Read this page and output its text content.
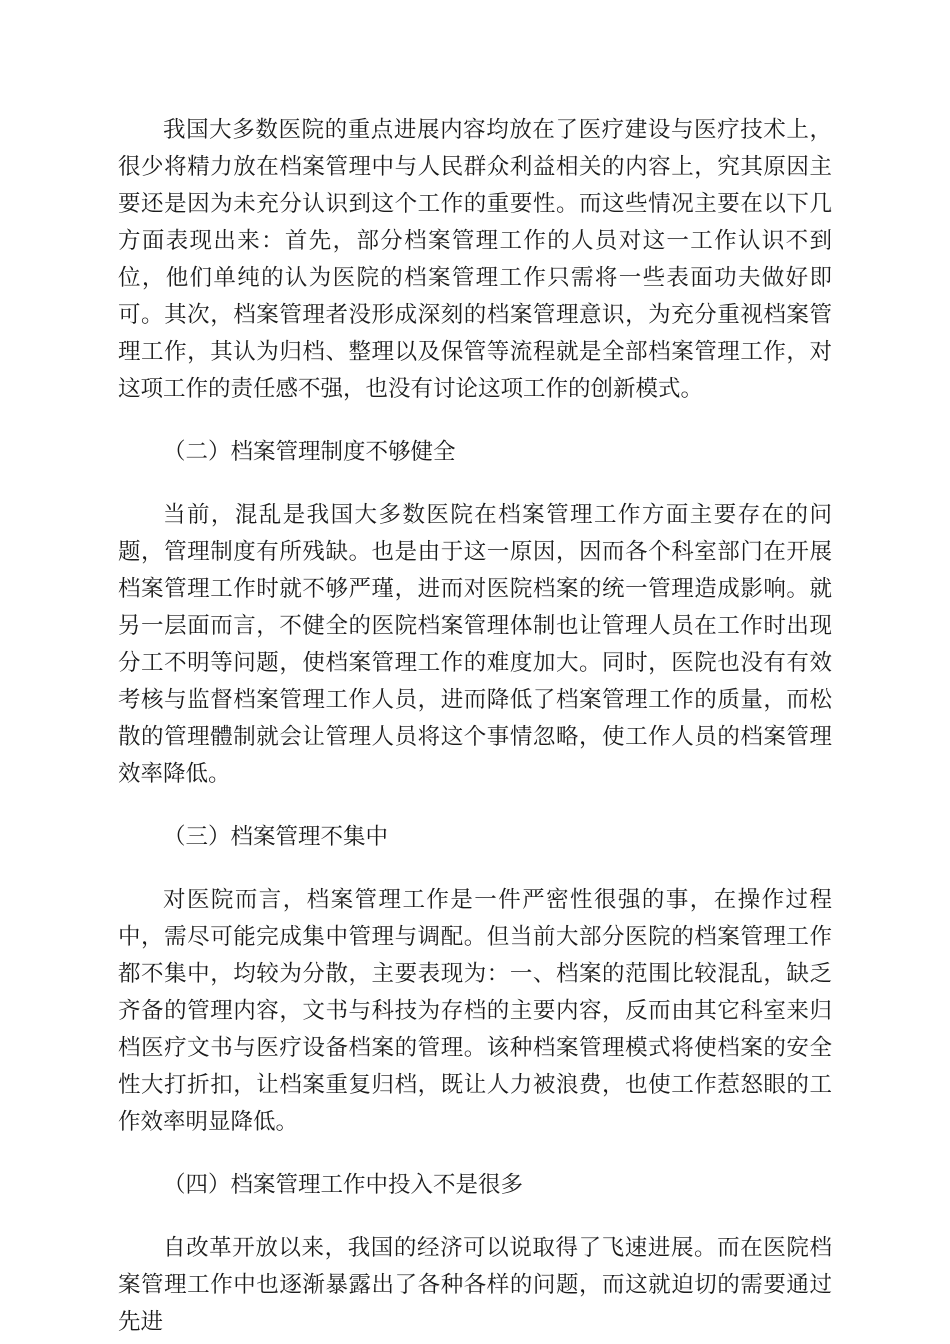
我国大多数医院的重点进展内容均放在了医疗建设与医疗技术上，很少将精力放在档案管理中与人民群众利益相关的内容上，究其原因主要还是因为未充分认识到这个工作的重要性。而这些情况主要在以下几方面表现出来：首先，部分档案管理工作的人员对这一工作认识不到位，他们单纯的认为医院的档案管理工作只需将一些表面功夫做好即可。其次，档案管理者没形成深刻的档案管理意识，为充分重视档案管理工作，其认为归档、整理以及保管等流程就是全部档案管理工作，对这项工作的责任感不强，也没有讨论这项工作的创新模式。

（二）档案管理制度不够健全

当前，混乱是我国大多数医院在档案管理工作方面主要存在的问题，管理制度有所残缺。也是由于这一原因，因而各个科室部门在开展档案管理工作时就不够严瑾，进而对医院档案的统一管理造成影响。就另一层面而言，不健全的医院档案管理体制也让管理人员在工作时出现分工不明等问题，使档案管理工作的难度加大。同时，医院也没有有效考核与监督档案管理工作人员，进而降低了档案管理工作的质量，而松散的管理體制就会让管理人员将这个事情忽略，使工作人员的档案管理效率降低。

（三）档案管理不集中

对医院而言，档案管理工作是一件严密性很强的事，在操作过程中，需尽可能完成集中管理与调配。但当前大部分医院的档案管理工作都不集中，均较为分散，主要表现为：一、档案的范围比较混乱，缺乏齐备的管理内容，文书与科技为存档的主要内容，反而由其它科室来归档医疗文书与医疗设备档案的管理。该种档案管理模式将使档案的安全性大打折扣，让档案重复归档，既让人力被浪费，也使工作惹怒眼的工作效率明显降低。

（四）档案管理工作中投入不是很多

自改革开放以来，我国的经济可以说取得了飞速进展。而在医院档案管理工作中也逐渐暴露出了各种各样的问题，而这就迫切的需要通过先进
